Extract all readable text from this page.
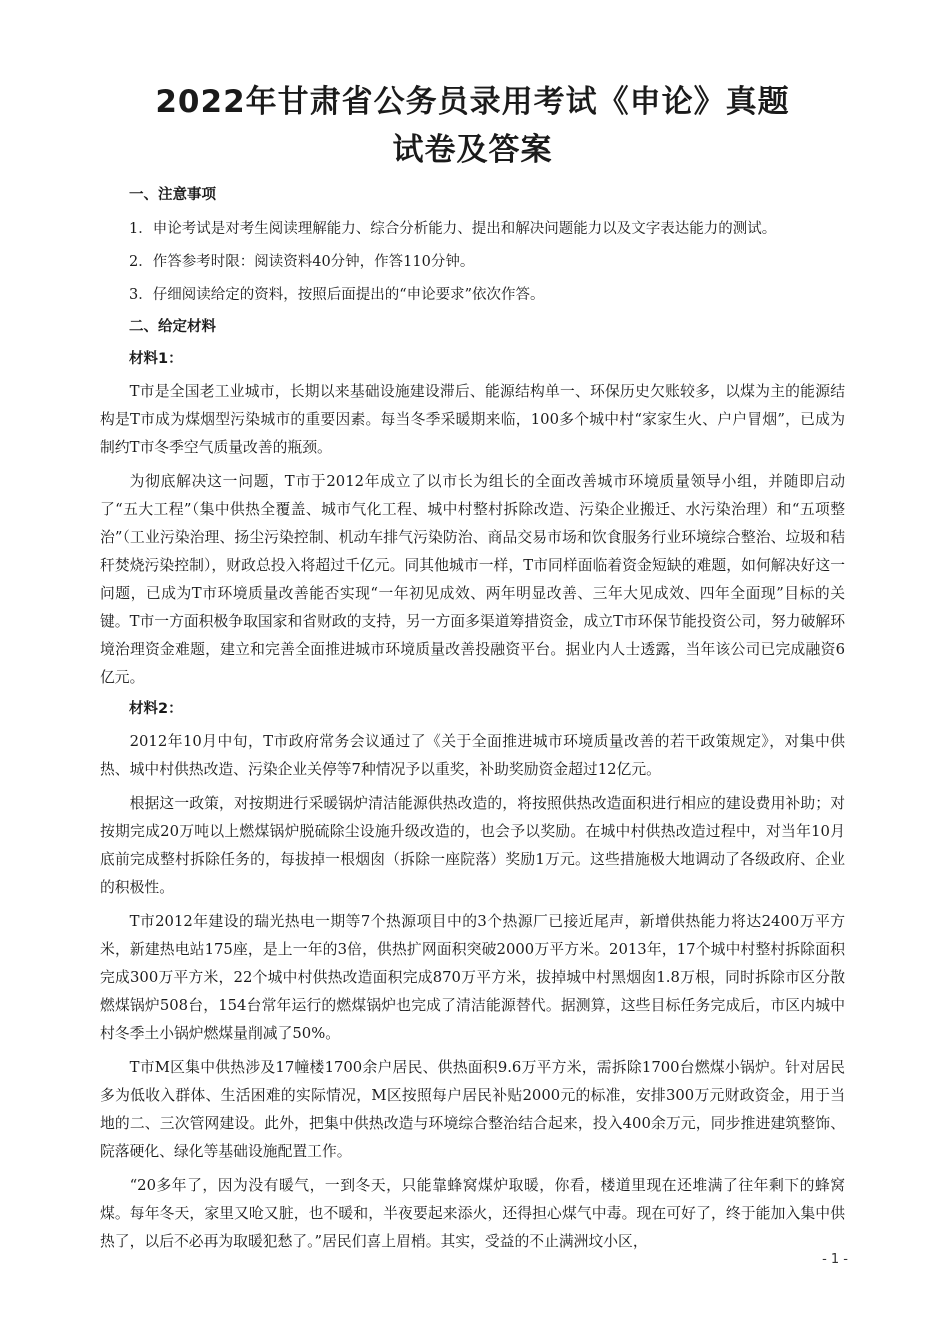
2022年甘肃省公务员录用考试《申论》真题
试卷及答案
一、注意事项

1．申论考试是对考生阅读理解能力、综合分析能力、提出和解决问题能力以及文字表达能力的测试。

2．作答参考时限：阅读资料40分钟，作答110分钟。

3．仔细阅读给定的资料，按照后面提出的“申论要求”依次作答。

二、给定材料
材料1：

T市是全国老工业城市，长期以来基础设施建设滞后、能源结构单一、环保历史欠账较多，以煤为主的能源结构是T市成为煤烟型污染城市的重要因素。每当冬季采暖期来临，100多个城中村“家家生火、户户冒烟”，已成为制约T市冬季空气质量改善的瓶颈。

为彻底解决这一问题，T市于2012年成立了以市长为组长的全面改善城市环境质量领导小组，并随即启动了“五大工程”（集中供热全覆盖、城市气化工程、城中村整村拆除改造、污染企业搬迁、水污染治理）和“五项整治”（工业污染治理、扬尘污染控制、机动车排气污染防治、商品交易市场和饮食服务行业环境综合整治、垃圾和秸秆焚烧污染控制），财政总投入将超过千亿元。同其他城市一样，T市同样面临着资金短缺的难题，如何解决好这一问题，已成为T市环境质量改善能否实现“一年初见成效、两年明显改善、三年大见成效、四年全面现”目标的关键。T市一方面积极争取国家和省财政的支持，另一方面多渠道筹措资金，成立T市环保节能投资公司，努力破解环境治理资金难题，建立和完善全面推进城市环境质量改善投融资平台。据业内人士透露，当年该公司已完成融资6亿元。

材料2：

2012年10月中旬，T市政府常务会议通过了《关于全面推进城市环境质量改善的若干政策规定》，对集中供热、城中村供热改造、污染企业关停等7种情况予以重奖，补助奖励资金超过12亿元。

根据这一政策，对按期进行采暖锅炉清洁能源供热改造的，将按照供热改造面积进行相应的建设费用补助；对按期完成20万吨以上燃煤锅炉脱硫除尘设施升级改造的，也会予以奖励。在城中村供热改造过程中，对当年10月底前完成整村拆除任务的，每拔掉一根烟囱（拆除一座院落）奖励1万元。这些措施极大地调动了各级政府、企业的积极性。

T市2012年建设的瑞光热电一期等7个热源项目中的3个热源厂已接近尾声，新增供热能力将达2400万平方米，新建热电站175座，是上一年的3倍，供热扩网面积突破2000万平方米。2013年，17个城中村整村拆除面积完成300万平方米，22个城中村供热改造面积完成870万平方米，拔掉城中村黑烟囱1.8万根，同时拆除市区分散燃煤锅炉508台，154台常年运行的燃煤锅炉也完成了清洁能源替代。据测算，这些目标任务完成后，市区内城中村冬季土小锅炉燃煤量削减了50%。

T市M区集中供热涉及17幢楼1700余户居民、供热面积9.6万平方米，需拆除1700台燃煤小锅炉。针对居民多为低收入群体、生活困难的实际情况，M区按照每户居民补贴2000元的标准，安排300万元财政资金，用于当地的二、三次管网建设。此外，把集中供热改造与环境综合整治结合起来，投入400余万元，同步推进建筑整饰、院落硬化、绿化等基础设施配置工作。

“20多年了，因为没有暖气，一到冬天，只能靠蜂窝煤炉取暖，你看，楼道里现在还堆满了往年剩下的蜂窝煤。每年冬天，家里又呛又脏，也不暖和，半夜要起来添火，还得担心煤气中毒。现在可好了，终于能加入集中供热了，以后不必再为取暖犯愁了。”居民们喜上眉梢。其实，受益的不止满洲坟小区，

- 1 -
